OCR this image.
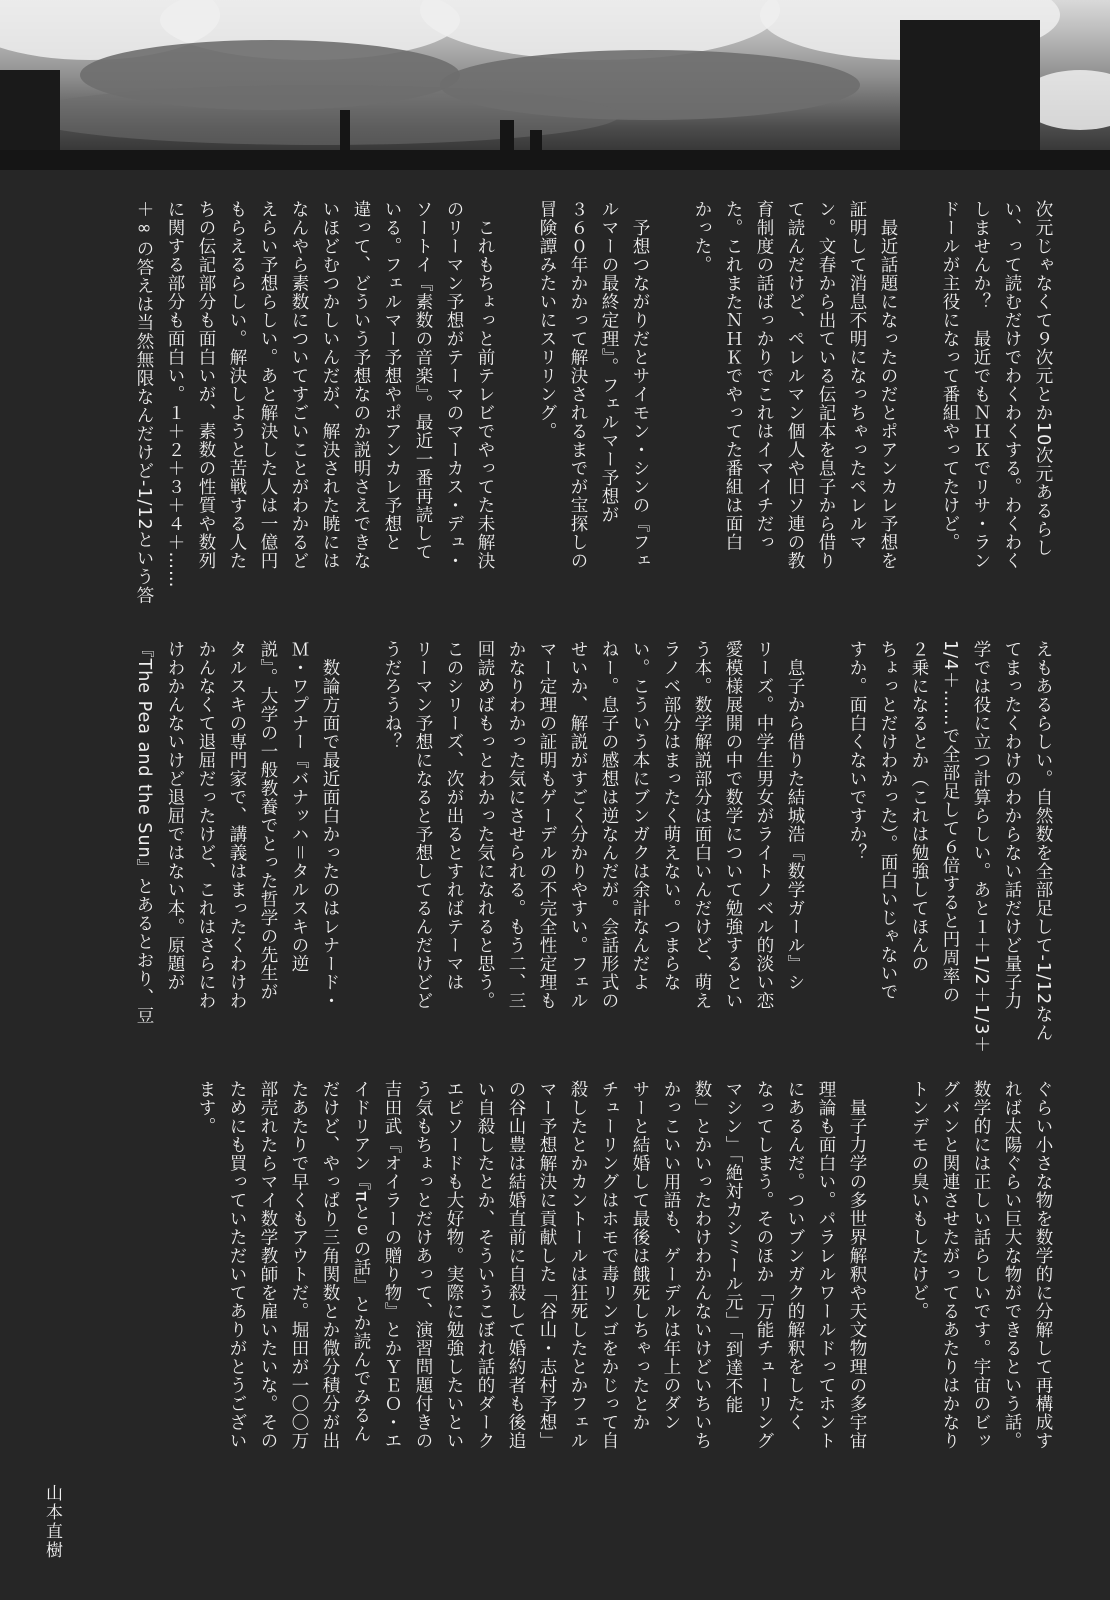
次元じゃなくて９次元とか10次元あるらし

い、って読むだけでわくわくする。わくわく

しませんか？　最近でもＮＨＫでリサ・ラン

ドールが主役になって番組やってたけど。

　最近話題になったのだとポアンカレ予想を

証明して消息不明になっちゃったペレルマ

ン。文春から出ている伝記本を息子から借り

て読んだけど、ペレルマン個人や旧ソ連の教

育制度の話ばっかりでこれはイマイチだっ

た。これまたＮＨＫでやってた番組は面白

かった。

　予想つながりだとサイモン・シンの『フェ

ルマーの最終定理』。フェルマー予想が

３６０年かかって解決されるまでが宝探しの

冒険譚みたいにスリリング。

　これもちょっと前テレビでやってた未解決

のリーマン予想がテーマのマーカス・デュ・

ソートイ『素数の音楽』。最近一番再読して

いる。フェルマー予想やポアンカレ予想と

違って、どういう予想なのか説明さえできな

いほどむつかしいんだが、解決された暁には

なんやら素数についてすごいことがわかるど

えらい予想らしい。あと解決した人は一億円

もらえるらしい。解決しようと苦戦する人た

ちの伝記部分も面白いが、素数の性質や数列

に関する部分も面白い。１＋２＋３＋４＋……

＋∞の答えは当然無限なんだけど-1/12という答

えもあるらしい。自然数を全部足して-1/12なん

てまったくわけのわからない話だけど量子力

学では役に立つ計算らしい。あと１＋1/2＋1/3＋

1/4＋……で全部足して６倍すると円周率の

２乗になるとか（これは勉強してほんの

ちょっとだけわかった）。面白いじゃないで

すか。面白くないですか？

　息子から借りた結城浩『数学ガール』シ

リーズ。中学生男女がライトノベル的淡い恋

愛模様展開の中で数学について勉強するとい

う本。数学解説部分は面白いんだけど、萌え

ラノベ部分はまったく萌えない。つまらな

い。こういう本にブンガクは余計なんだよ

ねー。息子の感想は逆なんだが。会話形式の

せいか、解説がすごく分かりやすい。フェル

マー定理の証明もゲーデルの不完全性定理も

かなりわかった気にさせられる。もう二、三

回読めばもっとわかった気になれると思う。

このシリーズ、次が出るとすればテーマは

リーマン予想になると予想してるんだけどど

うだろうね？

　数論方面で最近面白かったのはレナード・

Ｍ・ワプナー『バナッハ＝タルスキの逆

説』。大学の一般教養でとった哲学の先生が

タルスキの専門家で、講義はまったくわけわ

かんなくて退屈だったけど、これはさらにわ

けわかんないけど退屈ではない本。原題が

『The Pea and the Sun』とあるとおり、豆

ぐらい小さな物を数学的に分解して再構成す

れば太陽ぐらい巨大な物ができるという話。

数学的には正しい話らしいです。宇宙のビッ

グバンと関連させたがってるあたりはかなり

トンデモの臭いもしたけど。

　量子力学の多世界解釈や天文物理の多宇宙

理論も面白い。パラレルワールドってホント

にあるんだ。ついブンガク的解釈をしたく

なってしまう。そのほか「万能チューリング

マシン」「絶対カシミール元」「到達不能

数」とかいったわけわかんないけどいちいち

かっこいい用語も、ゲーデルは年上のダン

サーと結婚して最後は餓死しちゃったとか

チューリングはホモで毒リンゴをかじって自

殺したとかカントールは狂死したとかフェル

マー予想解決に貢献した「谷山・志村予想」

の谷山豊は結婚直前に自殺して婚約者も後追

い自殺したとか、そういうこぼれ話的ダーク

エピソードも大好物。実際に勉強したいとい

う気もちょっとだけあって、演習問題付きの

吉田武『オイラーの贈り物』とかＹＥＯ・エ

イドリアン『πとｅの話』とか読んでみるん

だけど、やっぱり三角関数とか微分積分が出

たあたりで早くもアウトだ。堀田が一〇〇万

部売れたらマイ数学教師を雇いたいな。その

ためにも買っていただいてありがとうござい

ます。

山本直樹
